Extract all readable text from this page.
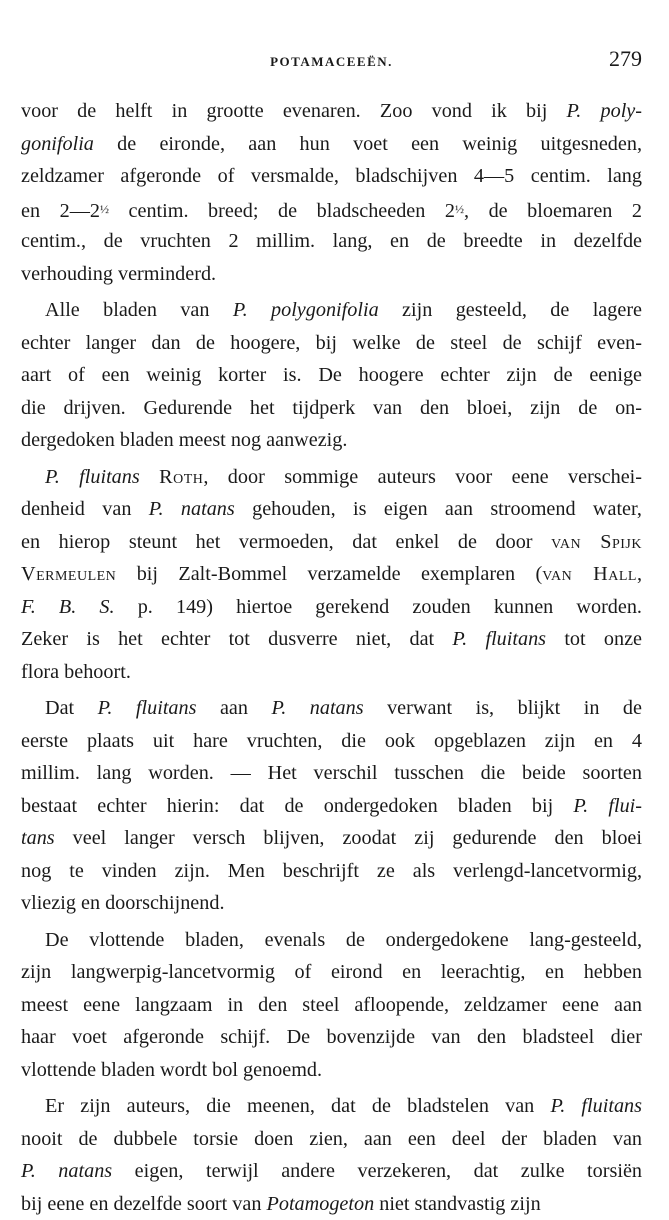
POTAMACEEËN.	279
voor de helft in grootte evenaren. Zoo vond ik bij P. poly-
gonifolia de eironde, aan hun voet een weinig uitgesneden,
zeldzamer afgeronde of versmalde, bladschijven 4—5 centim. lang
en 2—2½ centim. breed; de bladscheeden 2½, de bloemaren 2
centim., de vruchten 2 millim. lang, en de breedte in dezelfde
verhouding verminderd.
Alle bladen van P. polygonifolia zijn gesteeld, de lagere
echter langer dan de hoogere, bij welke de steel de schijf even-
aart of een weinig korter is. De hoogere echter zijn de eenige
die drijven. Gedurende het tijdperk van den bloei, zijn de on-
dergedoken bladen meest nog aanwezig.
P. fluitans Roth, door sommige auteurs voor eene verschei-
denheid van P. natans gehouden, is eigen aan stroomend water,
en hierop steunt het vermoeden, dat enkel de door van Spijk
Vermeulen bij Zalt-Bommel verzamelde exemplaren (van Hall,
F. B. S. p. 149) hiertoe gerekend zouden kunnen worden.
Zeker is het echter tot dusverre niet, dat P. fluitans tot onze
flora behoort.
Dat P. fluitans aan P. natans verwant is, blijkt in de
eerste plaats uit hare vruchten, die ook opgeblazen zijn en 4
millim. lang worden. — Het verschil tusschen die beide soorten
bestaat echter hierin: dat de ondergedoken bladen bij P. flui-
tans veel langer versch blijven, zoodat zij gedurende den bloei
nog te vinden zijn. Men beschrijft ze als verlengd-lancetvormig,
vliezig en doorschijnend.
De vlottende bladen, evenals de ondergedokene lang-gesteeld,
zijn langwerpig-lancetvormig of eirond en leerachtig, en hebben
meest eene langzaam in den steel afloopende, zeldzamer eene aan
haar voet afgeronde schijf. De bovenzijde van den bladsteel dier
vlottende bladen wordt bol genoemd.
Er zijn auteurs, die meenen, dat de bladstelen van P. fluitans
nooit de dubbele torsie doen zien, aan een deel der bladen van
P. natans eigen, terwijl andere verzekeren, dat zulke torsiën
bij eene en dezelfde soort van Potamogeton niet standvastig zijn
